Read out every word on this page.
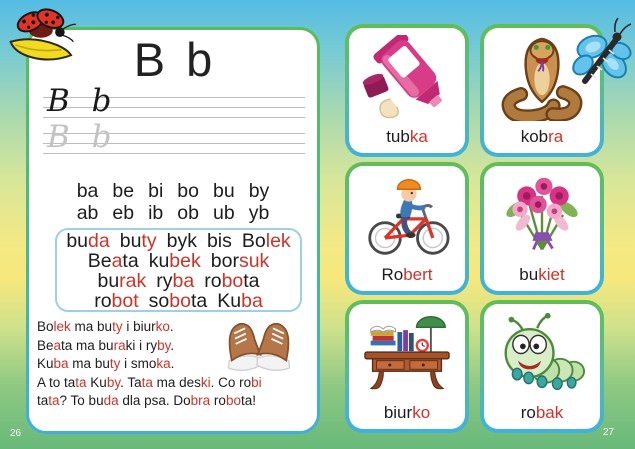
B b
B b
B b
ba be bi bo bu by
ab eb ib ob ub yb
buda buty byk bis Bolek
Beata kubek borsuk
burak ryba robota
robot sobota Kuba
Bolek ma buty i biurko.
Beata ma buraki i ryby.
Kuba ma buty i smoka.
A to tata Kuby. Tata ma deski. Co robi
tata? To buda dla psa. Dobra robota!
tubka	kobra
Robert	bukiet
biurko	robak
26	27
